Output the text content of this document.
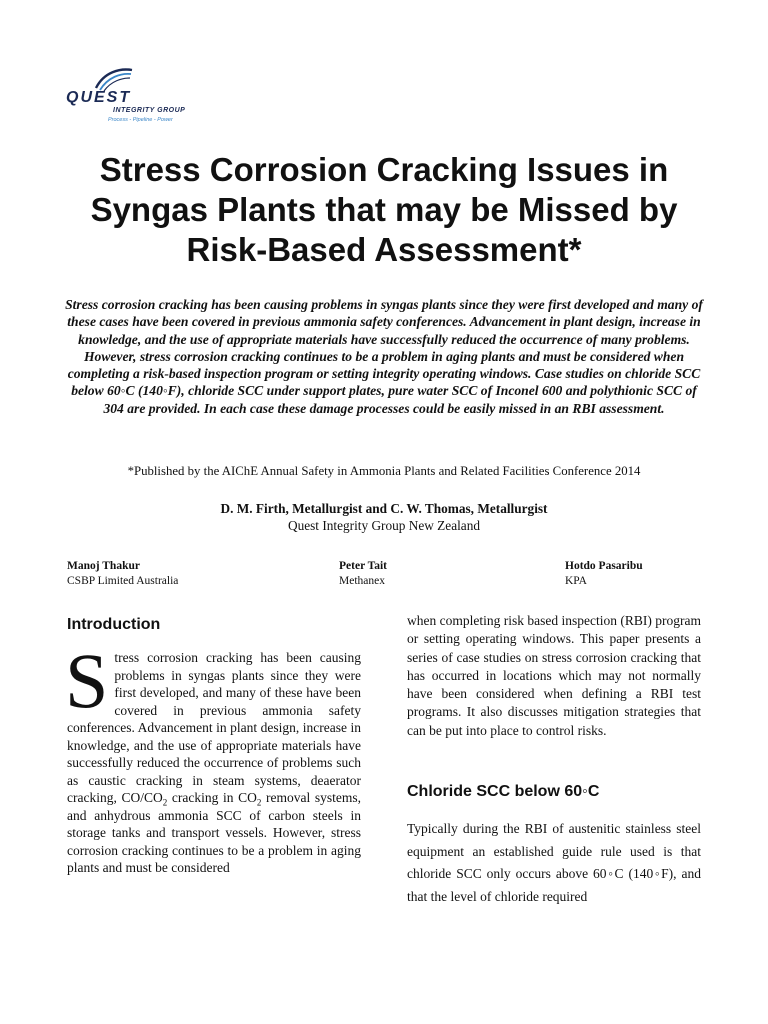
QUEST
INTEGRITY GROUP
Process - Pipeline - Power
Stress Corrosion Cracking Issues in
Syngas Plants that may be Missed by
Risk-Based Assessment*

Stress corrosion cracking has been causing problems in syngas plants since they were first developed and many of these cases have been covered in previous ammonia safety conferences. Advancement in plant design, increase in knowledge, and the use of appropriate materials have successfully reduced the occurrence of many problems. However, stress corrosion cracking continues to be a problem in aging plants and must be considered when completing a risk-based inspection program or setting integrity operating windows. Case studies on chloride SCC below 60◦C (140◦F), chloride SCC under support plates, pure water SCC of Inconel 600 and polythionic SCC of 304 are provided. In each case these damage processes could be easily missed in an RBI assessment.

*Published by the AIChE Annual Safety in Ammonia Plants and Related Facilities Conference 2014
D. M. Firth, Metallurgist and C. W. Thomas, Metallurgist
Quest Integrity Group New Zealand
Manoj Thakur
CSBP Limited Australia
Peter Tait
Methanex
Hotdo Pasaribu
KPA
Introduction
Stress corrosion cracking has been causing problems in syngas plants since they were first developed, and many of these have been covered in previous ammonia safety conferences. Advancement in plant design, increase in knowledge, and the use of appropriate materials have successfully reduced the occurrence of problems such as caustic cracking in steam systems, deaerator cracking, $CO/CO_2$ cracking in $CO_2$ removal systems, and anhydrous ammonia SCC of carbon steels in storage tanks and transport vessels. However, stress corrosion cracking continues to be a problem in aging plants and must be considered

when completing risk based inspection (RBI) program or setting operating windows. This paper presents a series of case studies on stress corrosion cracking that has occurred in locations which may not normally have been considered when defining a RBI test programs. It also discusses mitigation strategies that can be put into place to control risks.

Chloride SCC below 60◦C

Typically during the RBI of austenitic stainless steel equipment an established guide rule used is that chloride SCC only occurs above 60◦C (140◦F), and that the level of chloride required
